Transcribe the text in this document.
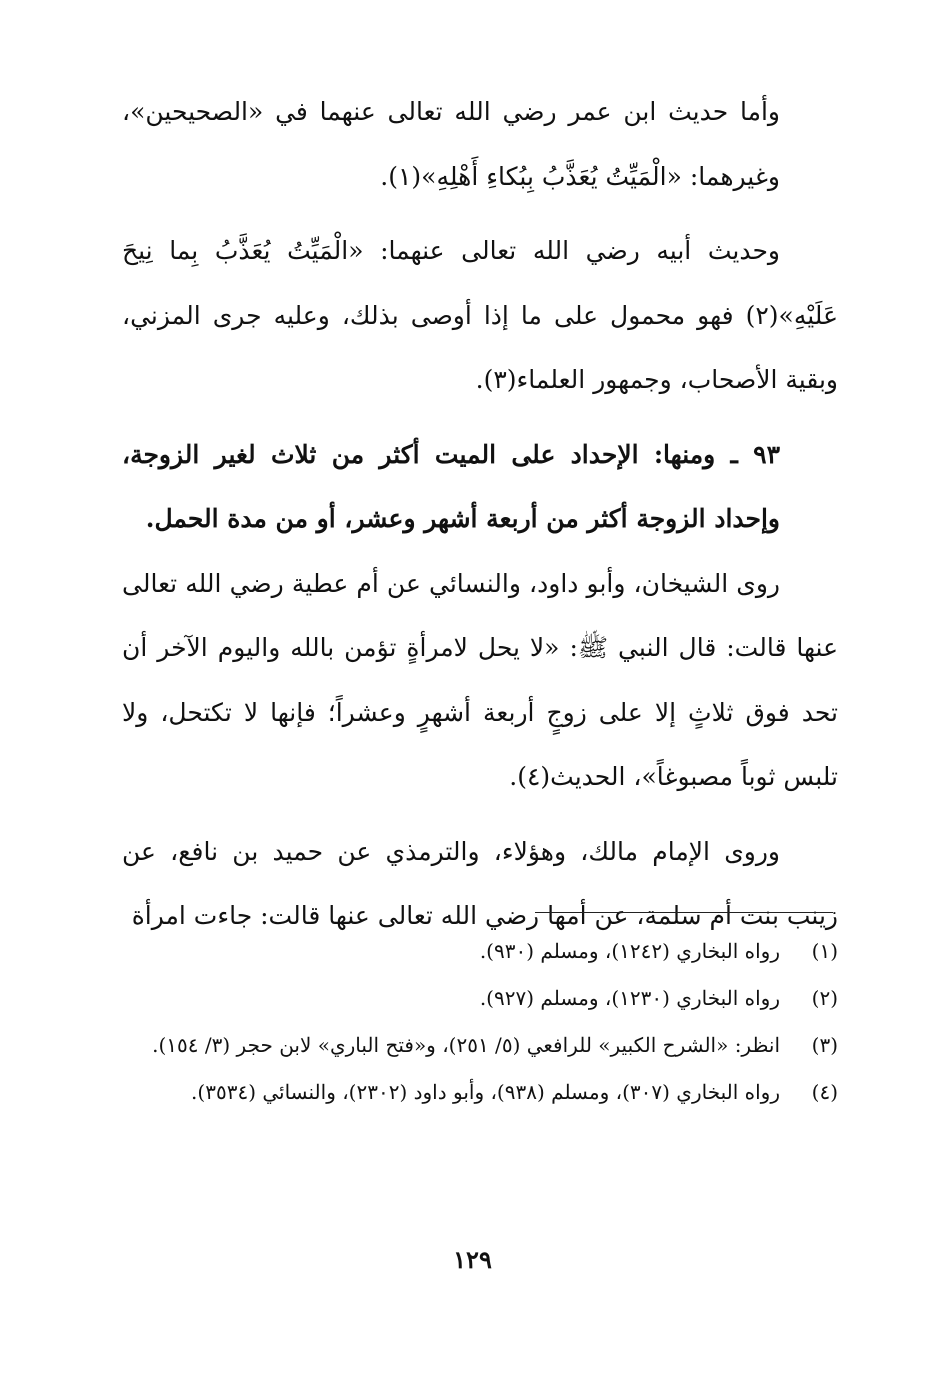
وأما حديث ابن عمر رضي الله تعالى عنهما في «الصحيحين»، وغيرهما: «الْمَيِّتُ يُعَذَّبُ بِبُكاءِ أَهْلِهِ»(١).

وحديث أبيه رضي الله تعالى عنهما: «الْمَيِّتُ يُعَذَّبُ بِما نِيحَ عَلَيْهِ»(٢) فهو محمول على ما إذا أوصى بذلك، وعليه جرى المزني، وبقية الأصحاب، وجمهور العلماء(٣).

٩٣ ـ ومنها: الإحداد على الميت أكثر من ثلاث لغير الزوجة، وإحداد الزوجة أكثر من أربعة أشهر وعشر، أو من مدة الحمل.

روى الشيخان، وأبو داود، والنسائي عن أم عطية رضي الله تعالى عنها قالت: قال النبي ﷺ: «لا يحل لامرأةٍ تؤمن بالله واليوم الآخر أن تحد فوق ثلاثٍ إلا على زوجٍ أربعة أشهرٍ وعشراً؛ فإنها لا تكتحل، ولا تلبس ثوباً مصبوغاً»، الحديث(٤).

وروى الإمام مالك، وهؤلاء، والترمذي عن حميد بن نافع، عن زينب بنت أم سلمة، عن أمها رضي الله تعالى عنها قالت: جاءت امرأة

(١)
رواه البخاري (١٢٤٢)، ومسلم (٩٣٠).
(٢)
رواه البخاري (١٢٣٠)، ومسلم (٩٢٧).
(٣)
انظر: «الشرح الكبير» للرافعي (٥/ ٢٥١)، و«فتح الباري» لابن حجر (٣/ ١٥٤).
(٤)
رواه البخاري (٣٠٧)، ومسلم (٩٣٨)، وأبو داود (٢٣٠٢)، والنسائي (٣٥٣٤).
١٢٩
